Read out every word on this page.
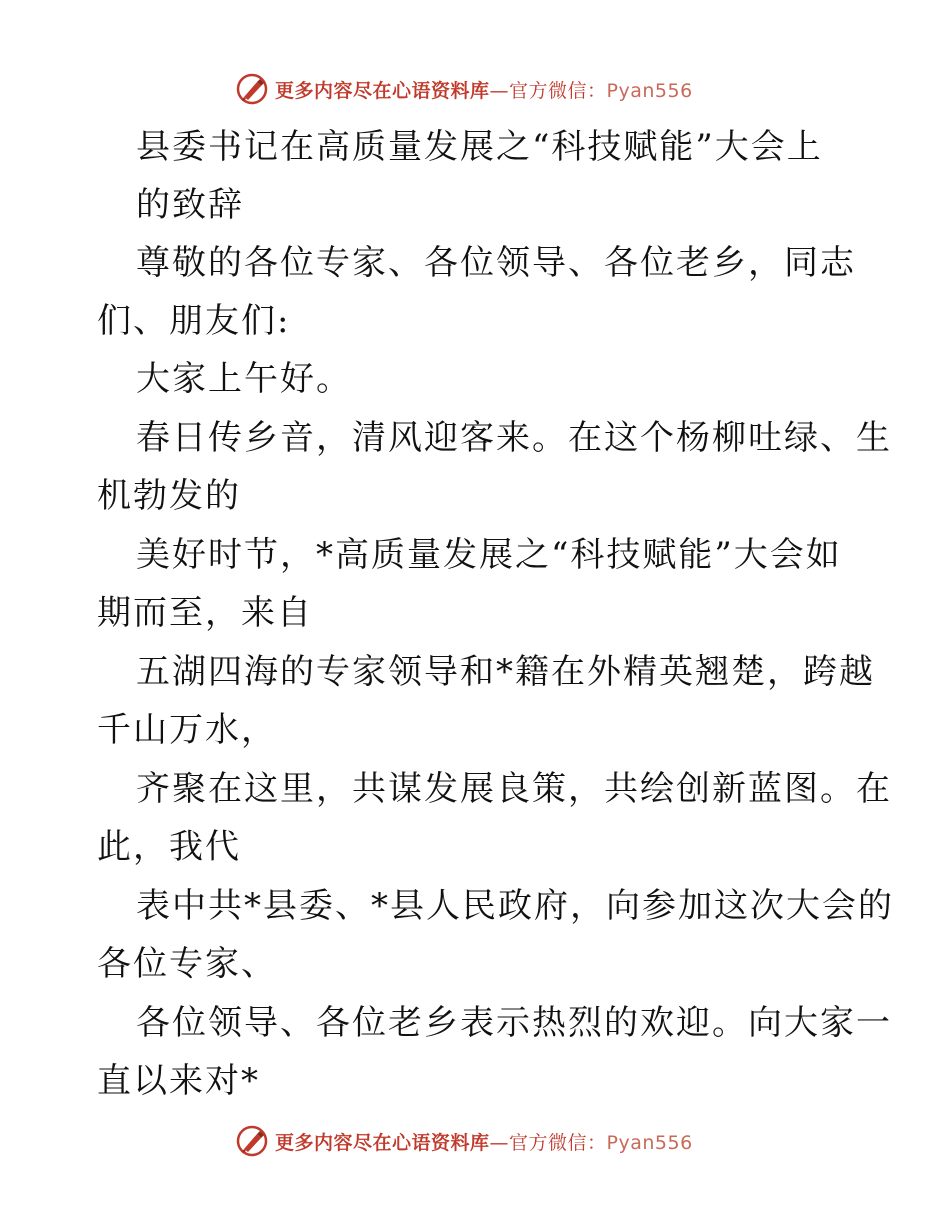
更多内容尽在心语资料库—官方微信：Pyan556
县委书记在高质量发展之“科技赋能”大会上
的致辞
尊敬的各位专家、各位领导、各位老乡，同志
们、朋友们:
大家上午好。
春日传乡音，清风迎客来。在这个杨柳吐绿、生
机勃发的
美好时节，*高质量发展之“科技赋能”大会如
期而至，来自
五湖四海的专家领导和*籍在外精英翘楚，跨越
千山万水，
齐聚在这里，共谋发展良策，共绘创新蓝图。在
此，我代
表中共*县委、*县人民政府，向参加这次大会的
各位专家、
各位领导、各位老乡表示热烈的欢迎。向大家一
直以来对*
更多内容尽在心语资料库—官方微信：Pyan556
